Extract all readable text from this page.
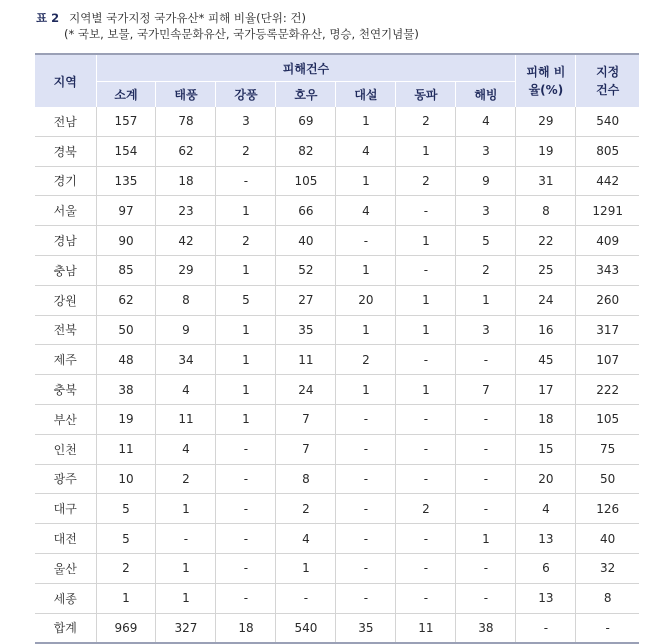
표 2 지역별 국가지정 국가유산* 피해 비율(단위: 건)
(* 국보, 보물, 국가민속문화유산, 국가등록문화유산, 명승, 천연기념물)
지역	피해건수							피해 비율(%)	지정 건수
	소계	태풍	강풍	호우	대설	동파	해빙		
전남	157	78	3	69	1	2	4	29	540
경북	154	62	2	82	4	1	3	19	805
경기	135	18	-	105	1	2	9	31	442
서울	97	23	1	66	4	-	3	8	1291
경남	90	42	2	40	-	1	5	22	409
충남	85	29	1	52	1	-	2	25	343
강원	62	8	5	27	20	1	1	24	260
전북	50	9	1	35	1	1	3	16	317
제주	48	34	1	11	2	-	-	45	107
충북	38	4	1	24	1	1	7	17	222
부산	19	11	1	7	-	-	-	18	105
인천	11	4	-	7	-	-	-	15	75
광주	10	2	-	8	-	-	-	20	50
대구	5	1	-	2	-	2	-	4	126
대전	5	-	-	4	-	-	1	13	40
울산	2	1	-	1	-	-	-	6	32
세종	1	1	-	-	-	-	-	13	8
합계	969	327	18	540	35	11	38	-	-
